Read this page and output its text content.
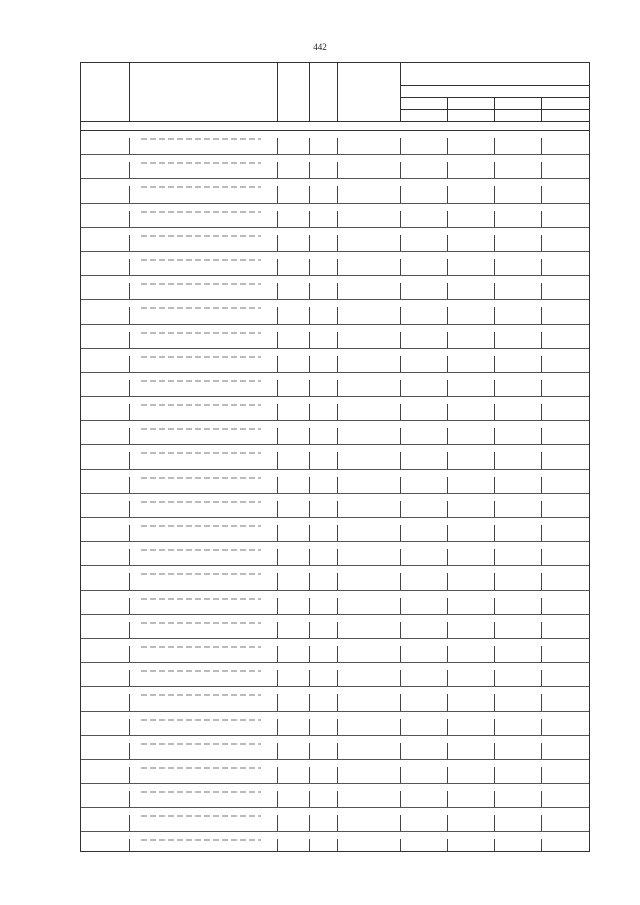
442
